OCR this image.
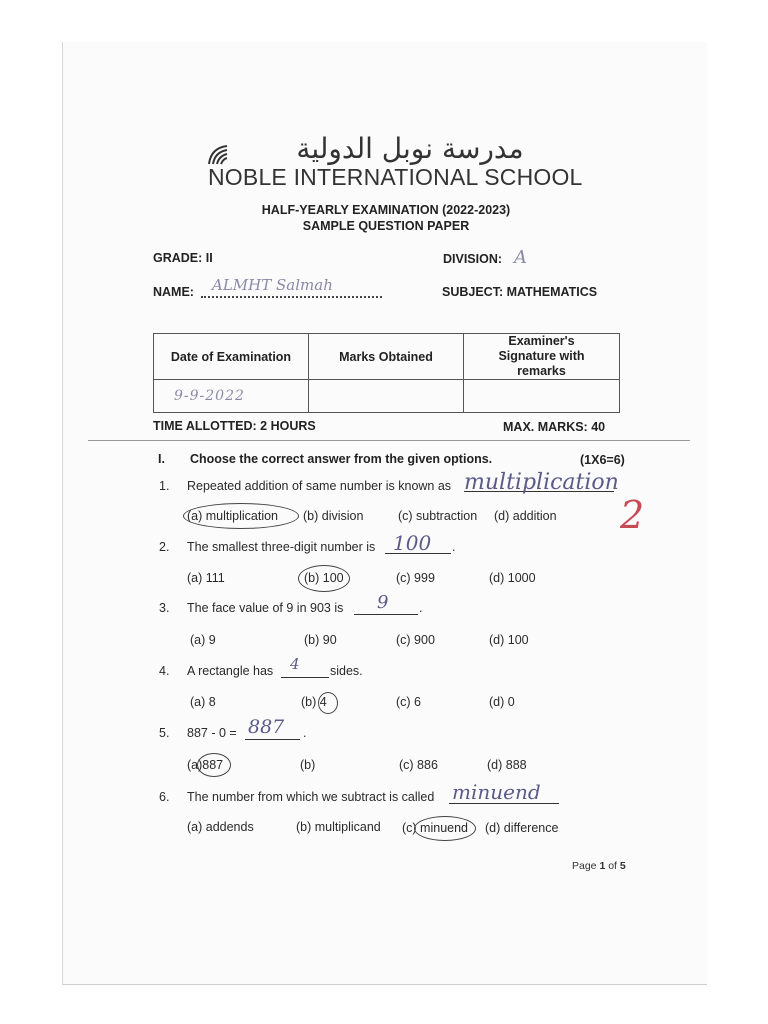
مدرسة نوبل الدولية
NOBLE INTERNATIONAL SCHOOL
HALF-YEARLY EXAMINATION (2022-2023)
SAMPLE QUESTION PAPER
GRADE: II	DIVISION: A
NAME: ALMHT Salmah	SUBJECT: MATHEMATICS
Date of Examination	Marks Obtained	Examiner's Signature with remarks
9-9-2022		
TIME ALLOTTED: 2 HOURS	MAX. MARKS: 40
I. Choose the correct answer from the given options.	(1X6=6)
1. Repeated addition of same number is known as multiplication
(a) multiplication (b) division	(c) subtraction (d) addition 2
2. The smallest three-digit number is 100 .
(a) 111	(b) 100	(c) 999	(d) 1000
3. The face value of 9 in 903 is 9 .
(a) 9	(b) 90	(c) 900	(d) 100
4. A rectangle has 4 sides.
(a) 8	(b) 4	(c) 6	(d) 0
5. 887 - 0 = 887 .
(a)887	(b)	(c) 886	(d) 888
6. The number from which we subtract is called minuend
(a) addends	(b) multiplicand (c) minuend (d) difference
Page 1 of 5
